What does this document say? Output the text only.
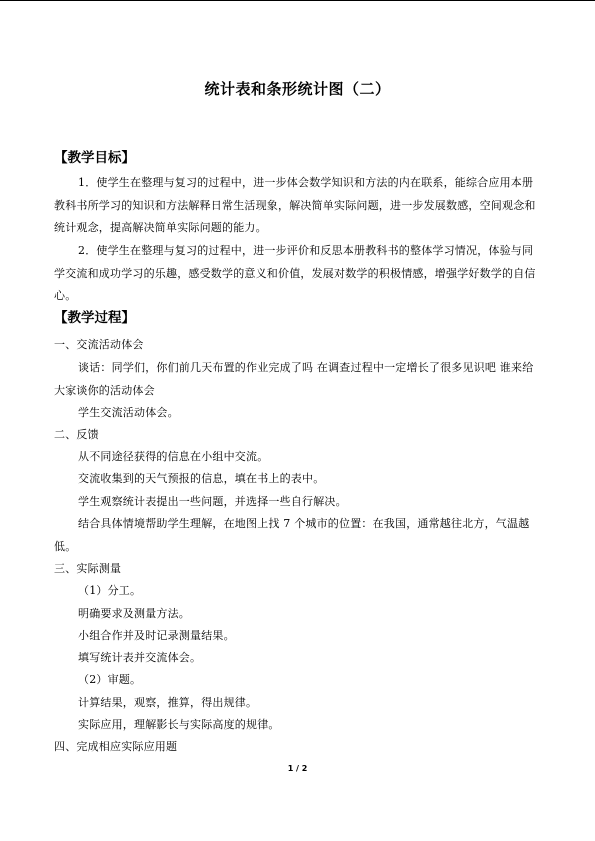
统计表和条形统计图（二）
【教学目标】
1．使学生在整理与复习的过程中，进一步体会数学知识和方法的内在联系，能综合应用本册教科书所学习的知识和方法解释日常生活现象，解决简单实际问题，进一步发展数感，空间观念和统计观念，提高解决简单实际问题的能力。
2．使学生在整理与复习的过程中，进一步评价和反思本册教科书的整体学习情况，体验与同学交流和成功学习的乐趣，感受数学的意义和价值，发展对数学的积极情感，增强学好数学的自信心。
【教学过程】
一、交流活动体会
谈话：同学们，你们前几天布置的作业完成了吗 在调查过程中一定增长了很多见识吧 谁来给大家谈你的活动体会
学生交流活动体会。
二、反馈
从不同途径获得的信息在小组中交流。
交流收集到的天气预报的信息，填在书上的表中。
学生观察统计表提出一些问题，并选择一些自行解决。
结合具体情境帮助学生理解，在地图上找 7 个城市的位置：在我国，通常越往北方，气温越低。
三、实际测量
（1）分工。
明确要求及测量方法。
小组合作并及时记录测量结果。
填写统计表并交流体会。
（2）审题。
计算结果，观察，推算，得出规律。
实际应用，理解影长与实际高度的规律。
四、完成相应实际应用题
1 / 2
